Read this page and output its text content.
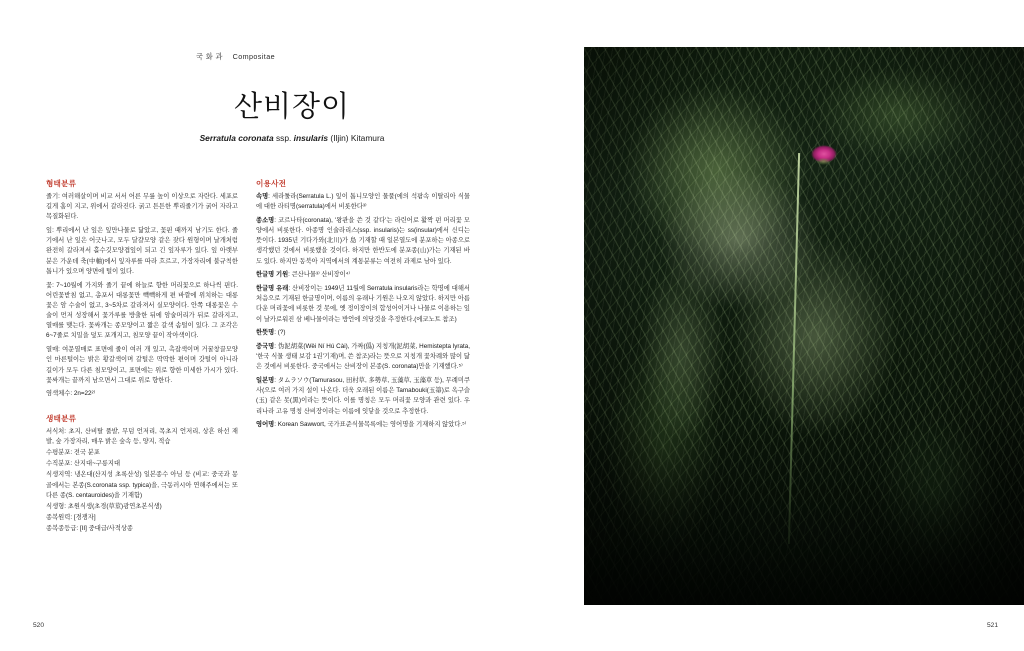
국 화 과 Compositae
산비장이
Serratula coronata ssp. insularis (Iljin) Kitamura
형태분류

줄기: 여러해살이며 비교 서서 어른 무릎 높이 이상으로 자란다. 세포로 길게 홈이 지고, 위에서 갈라진다. 굵고 튼튼한 뿌리줄기가 굵어 자라고 목질화된다.

잎: 뿌리에서 난 잎은 잎만나물로 닮았고, 꽃핀 때까지 남기도 한다. 줄기에서 난 잎은 어긋나고, 모두 달걀모양 같은 잦다 원형이며 날개처럼 완전히 갈라져서 홀수깃모양겹잎이 되고 긴 잎자루가 있다. 잎 아랫부분은 가운데 축(中軸)에서 잎자루를 따라 흐르고, 가장자리에 불규칙한 톱니가 있으며 양면에 털이 있다.

꽃: 7~10월에 가지와 줄기 끝에 하늘로 향한 머리꽃으로 하나씩 핀다. 어린꽃받침 없고, 총포서 대롱꽃만 빽빽하게 편 바깥에 위치하는 대롱꽃은 암 수술이 없고, 3~5차로 갈라져서 실모양이다. 안쪽 대롱꽃은 수술이 먼저 성장해서 꽃가루를 방출한 뒤에 암술머리가 뒤로 갈라지고, 열매를 맺는다. 꽃싸개는 종모양이고 짧은 갈색 솜털이 있다. 그 조각은 6~7줄로 치밀을 덮도 포개지고, 침모양 끝이 작아색이다.

열매: 여문열매로 표면에 줄이 여러 개 있고, 촉잡색이며 거꿀창끌모양인 마른털이는 밝은 황갈색이며 갈털은 딱딱한 편이며 갓털이 아니라 길이가 모두 다른 침모양이고, 표면에는 위로 향한 미세한 가시가 있다. 꽃싸개는 끝까지 남으면서 그대로 위로 향한다.

염색체수: 2n=22²⁾

생태분류

서식처: 초지, 산비탈 풀밭, 무덤 언저리, 목초지 언저리, 상흔 하선 재발, 숲 가장자리, 매우 밝은 숲속 등, 양지, 적습

수평분포: 전국 분포

수직분포: 산지대~구릉지대

식생지역: 냉온대(산지성 초록산성) 일본종수 아님 등 (비교: 중국과 몽골에서는 본종(S.coronata ssp. typica)을, 극동러시아 연해주에서는 또 다른 종(S. centauroides)을 기재함)

식생형: 초원식생(초경(草莖)광연초본식생)

종복원력: [경쟁자]

종복종등급: [II] 중대급/사적상종

이용사전

속명: 세라툴라(Serratula L.) 잎이 톱니모양인 물풀(에의 석팜속 이탈리아 식물에 대한 라티명(serratula)에서 비롯한다³⁾

종소명: 코르나타(coronata), '왕관을 쓴 것 같다'는 라린어로 활짝 펀 머리꽃 모양에서 비롯한다. 아종명 인술라리스(ssp. insularis)는 ss(insular)에서 신디는 뜻이다. 1935년 기다가와(北川)가 島 기재할 때 일본열도에 분포하는 아종으로 생각했던 것에서 비롯했을 것이다. 하지만 한반도에 분포종(山)가는 기재된 바도 있다. 하지만 동북아 지역에서의 계통분류는 여전히 과제로 남아 있다.

한글명 기원: 큰산나물³⁾ 산비장이⁴⁾

한글명 유래: 산비장이는 1949년 11월에 Serratula insularis라는 학명에 대해서 처음으로 기재된 한글명이며, 이름의 유래나 기원은 나오지 않았다. 하지만 아름다운 머리꽃에 비롯한 것 못에, 옛 정이장이의 합성어이거나 나물로 이용하는 잎이 날카로워진 삼 베나물이라는 방언에 의당것을 추정한다.(에코노트 참조)

한뜻명: (?)

중국명: 伪泥胡菜(Wěi Ní Hú Cài), 가짜(僞) 지칭개(泥胡菜, Hemistepta lyrata, '한국 식물 생태 보감 1권'기재)며, 쓴 참조)라는 뜻으로 지칭개 꽃차례와 많이 닮은 것에서 비롯한다. 중국에서는 산비장이 본종(S. coronata)만을 기재했다.⁵⁾

일본명: タムラソウ(Tamurasou, 田村草, 多勢草, 玉藻草, 玉藻草 등), 무례미쿠사(으로 여러 가지 설이 나온다. 더욱 오래된 이름은 Tamabouki(玉箒)로 옥구슬(玉) 같은 못(黑)이라는 뜻이다. 이를 명칭은 모두 머리꽃 모양과 관련 있다. 우리나라 고유 명칭 산비장이라는 이름에 잇닿을 것으로 추정한다.

영어명: Korean Sawwort, 국가표준식물목록에는 영어명을 기재하지 않았다.⁵⁾

520	521
